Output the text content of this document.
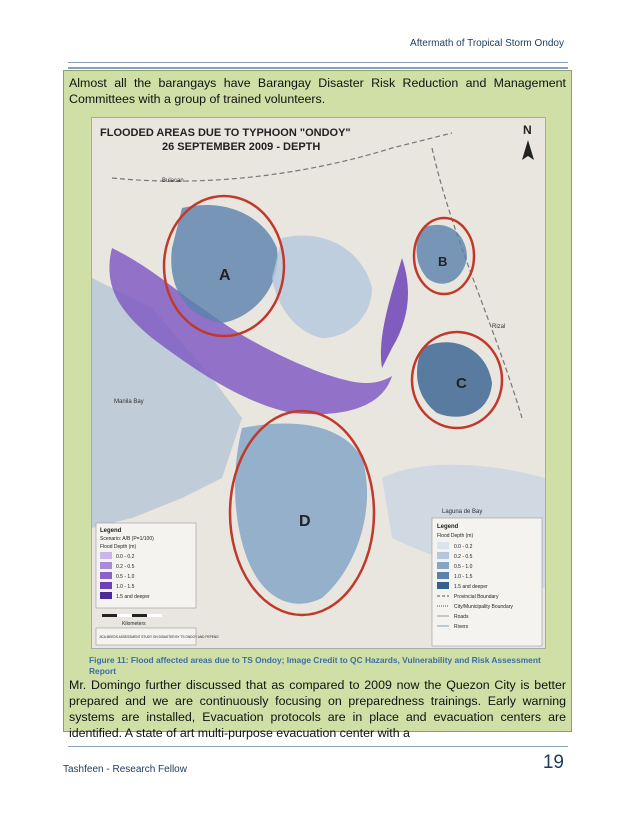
Aftermath of Tropical Storm Ondoy
Almost all the barangays have Barangay Disaster Risk Reduction and Management Committees with a group of trained volunteers.
A
B
C
D
FLOODED AREAS DUE TO TYPHOON "ONDOY"
26 SEPTEMBER 2009 - DEPTH
N
Bulacan
Rizal
Manila Bay
Laguna de Bay
Legend
Scenario: A/B (P=1/100)
Flood Depth (m)
0.0 - 0.2
0.2 - 0.5
0.5 - 1.0
1.0 - 1.5
1.5 and deeper
Kilometers
JICA MEEDS ASSESSMENT STUDY ON DISASTER BY TS ONDOY AND PEPENG
Legend
Flood Depth (m)
0.0 - 0.2
0.2 - 0.5
0.5 - 1.0
1.0 - 1.5
1.5 and deeper
Provincial Boundary
City/Municipality Boundary
Roads
Rivers
Figure 11: Flood affected areas due to TS Ondoy; Image Credit to QC Hazards, Vulnerability and Risk Assessment Report
Mr. Domingo further discussed that as compared to 2009 now the Quezon City is better prepared and we are continuously focusing on preparedness trainings. Early warning systems are installed, Evacuation protocols are in place and evacuation centers are identified. A state of art multi-purpose evacuation center with a
Tashfeen - Research Fellow	19
